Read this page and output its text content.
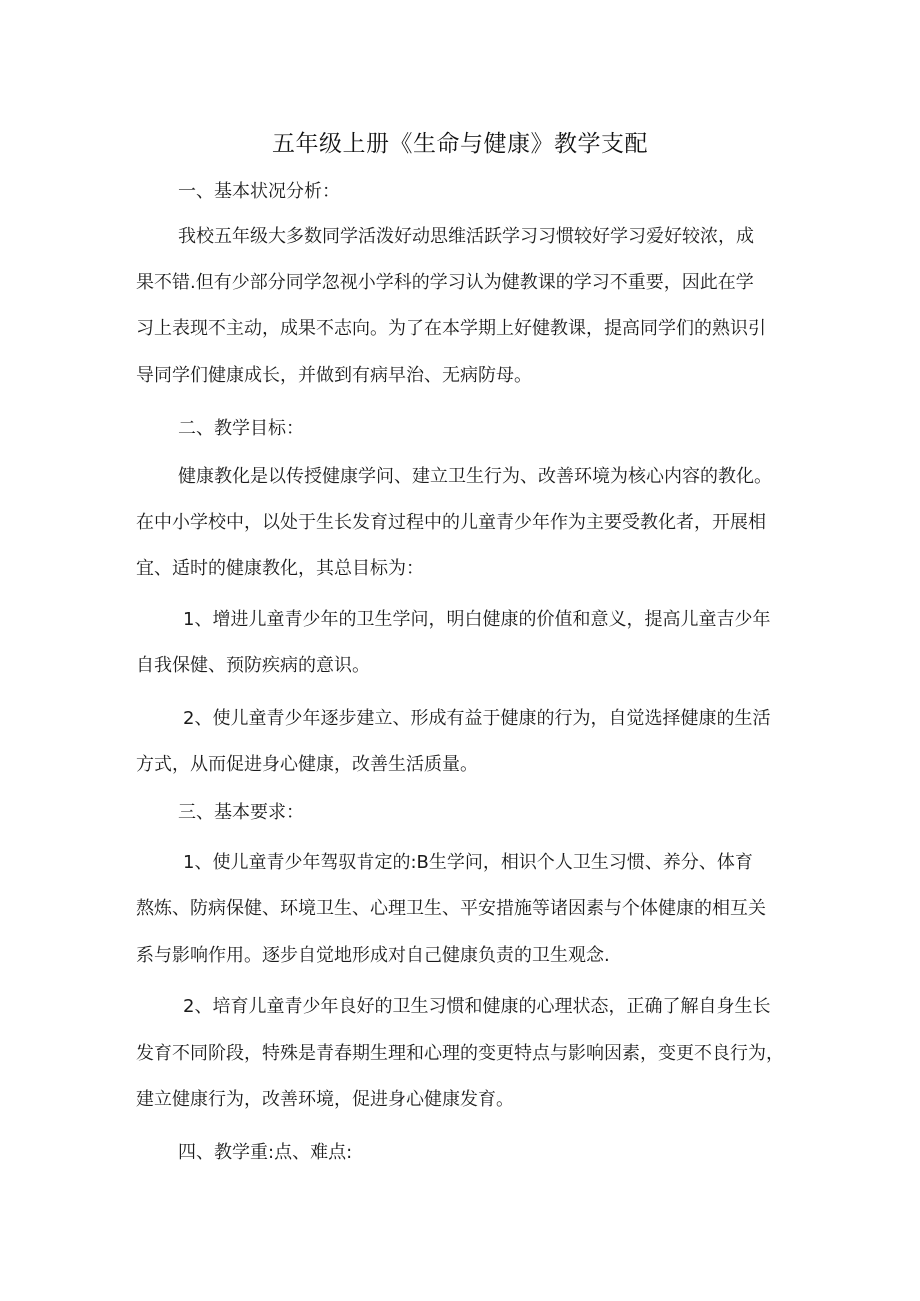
五年级上册《生命与健康》教学支配
一、基本状况分析：
我校五年级大多数同学活泼好动思维活跃学习习惯较好学习爱好较浓，成
果不错.但有少部分同学忽视小学科的学习认为健教课的学习不重要，因此在学
习上表现不主动，成果不志向。为了在本学期上好健教课，提高同学们的熟识引
导同学们健康成长，并做到有病早治、无病防母。
二、教学目标：
健康教化是以传授健康学问、建立卫生行为、改善环境为核心内容的教化。
在中小学校中，以处于生长发育过程中的儿童青少年作为主要受教化者，开展相
宜、适时的健康教化，其总目标为：
1、增进儿童青少年的卫生学问，明白健康的价值和意义，提高儿童吉少年
自我保健、预防疾病的意识。
2、使儿童青少年逐步建立、形成有益于健康的行为，自觉选择健康的生活
方式，从而促进身心健康，改善生活质量。
三、基本要求：
1、使儿童青少年驾驭肯定的:B生学问，相识个人卫生习惯、养分、体育
熬炼、防病保健、环境卫生、心理卫生、平安措施等诸因素与个体健康的相互关
系与影响作用。逐步自觉地形成对自己健康负责的卫生观念.
2、培育儿童青少年良好的卫生习惯和健康的心理状态，正确了解自身生长
发育不同阶段，特殊是青春期生理和心理的变更特点与影响因素，变更不良行为，
建立健康行为，改善环境，促进身心健康发育。
四、教学重:点、难点:
